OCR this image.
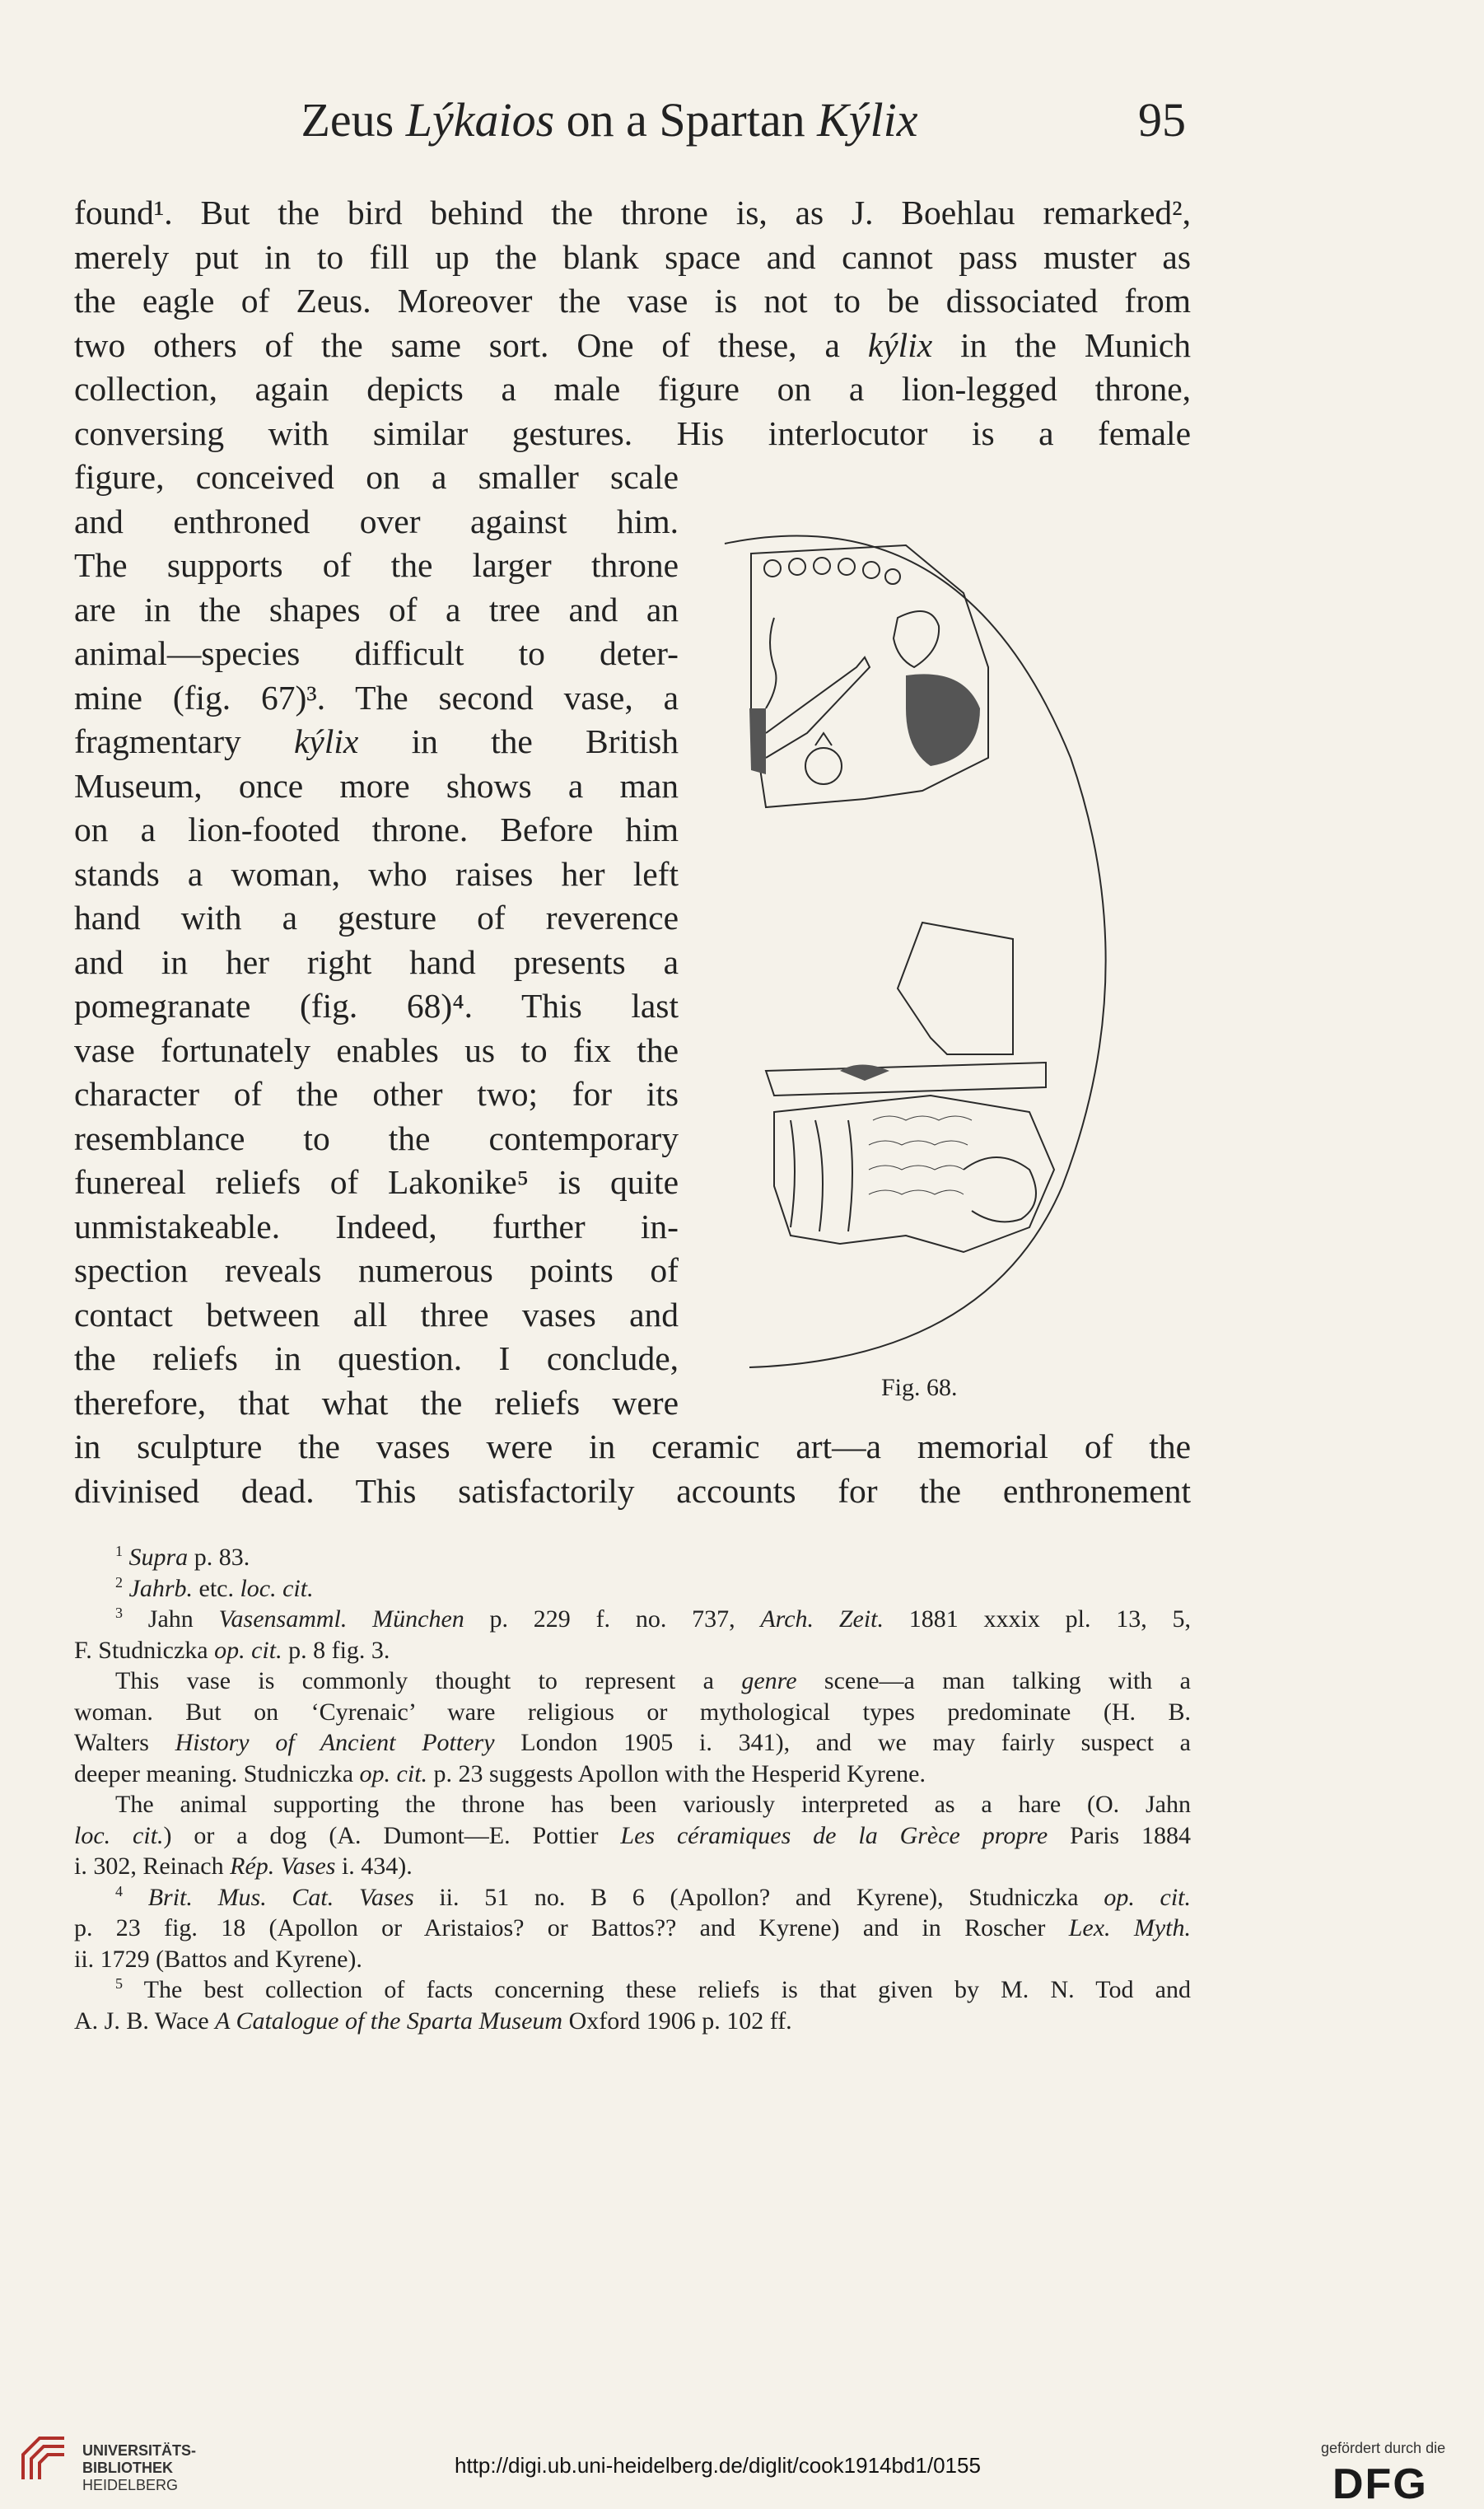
Zeus Lýkaios on a Spartan Kýlix	95
found¹. But the bird behind the throne is, as J. Boehlau remarked²,
merely put in to fill up the blank space and cannot pass muster as
the eagle of Zeus. Moreover the vase is not to be dissociated from
two others of the same sort. One of these, a kýlix in the Munich
collection, again depicts a male figure on a lion-legged throne,
conversing with similar gestures. His interlocutor is a female
figure, conceived on a smaller scale
and enthroned over against him.
The supports of the larger throne
are in the shapes of a tree and an
animal—species difficult to deter-
mine (fig. 67)³. The second vase, a
fragmentary kýlix in the British
Museum, once more shows a man
on a lion-footed throne. Before him
stands a woman, who raises her left
hand with a gesture of reverence
and in her right hand presents a
pomegranate (fig. 68)⁴. This last
vase fortunately enables us to fix the
character of the other two; for its
resemblance to the contemporary
funereal reliefs of Lakonike⁵ is quite
unmistakeable. Indeed, further in-
spection reveals numerous points of
contact between all three vases and
the reliefs in question. I conclude,
therefore, that what the reliefs were
in sculpture the vases were in ceramic art—a memorial of the
divinised dead. This satisfactorily accounts for the enthronement
Fig. 68.
$^1$ Supra p. 83.
$^2$ Jahrb. etc. loc. cit.
$^3$ Jahn Vasensamml. München p. 229 f. no. 737, Arch. Zeit. 1881 xxxix pl. 13, 5,
F. Studniczka op. cit. p. 8 fig. 3.
This vase is commonly thought to represent a genre scene—a man talking with a
woman. But on ‘Cyrenaic’ ware religious or mythological types predominate (H. B.
Walters History of Ancient Pottery London 1905 i. 341), and we may fairly suspect a
deeper meaning. Studniczka op. cit. p. 23 suggests Apollon with the Hesperid Kyrene.
The animal supporting the throne has been variously interpreted as a hare (O. Jahn
loc. cit.) or a dog (A. Dumont—E. Pottier Les céramiques de la Grèce propre Paris 1884
i. 302, Reinach Rép. Vases i. 434).
$^4$ Brit. Mus. Cat. Vases ii. 51 no. B 6 (Apollon? and Kyrene), Studniczka op. cit.
p. 23 fig. 18 (Apollon or Aristaios? or Battos?? and Kyrene) and in Roscher Lex. Myth.
ii. 1729 (Battos and Kyrene).
$^5$ The best collection of facts concerning these reliefs is that given by M. N. Tod and
A. J. B. Wace A Catalogue of the Sparta Museum Oxford 1906 p. 102 ff.
UNIVERSITÄTS-
BIBLIOTHEK
HEIDELBERG
http://digi.ub.uni-heidelberg.de/diglit/cook1914bd1/0155
gefördert durch die
DFG
